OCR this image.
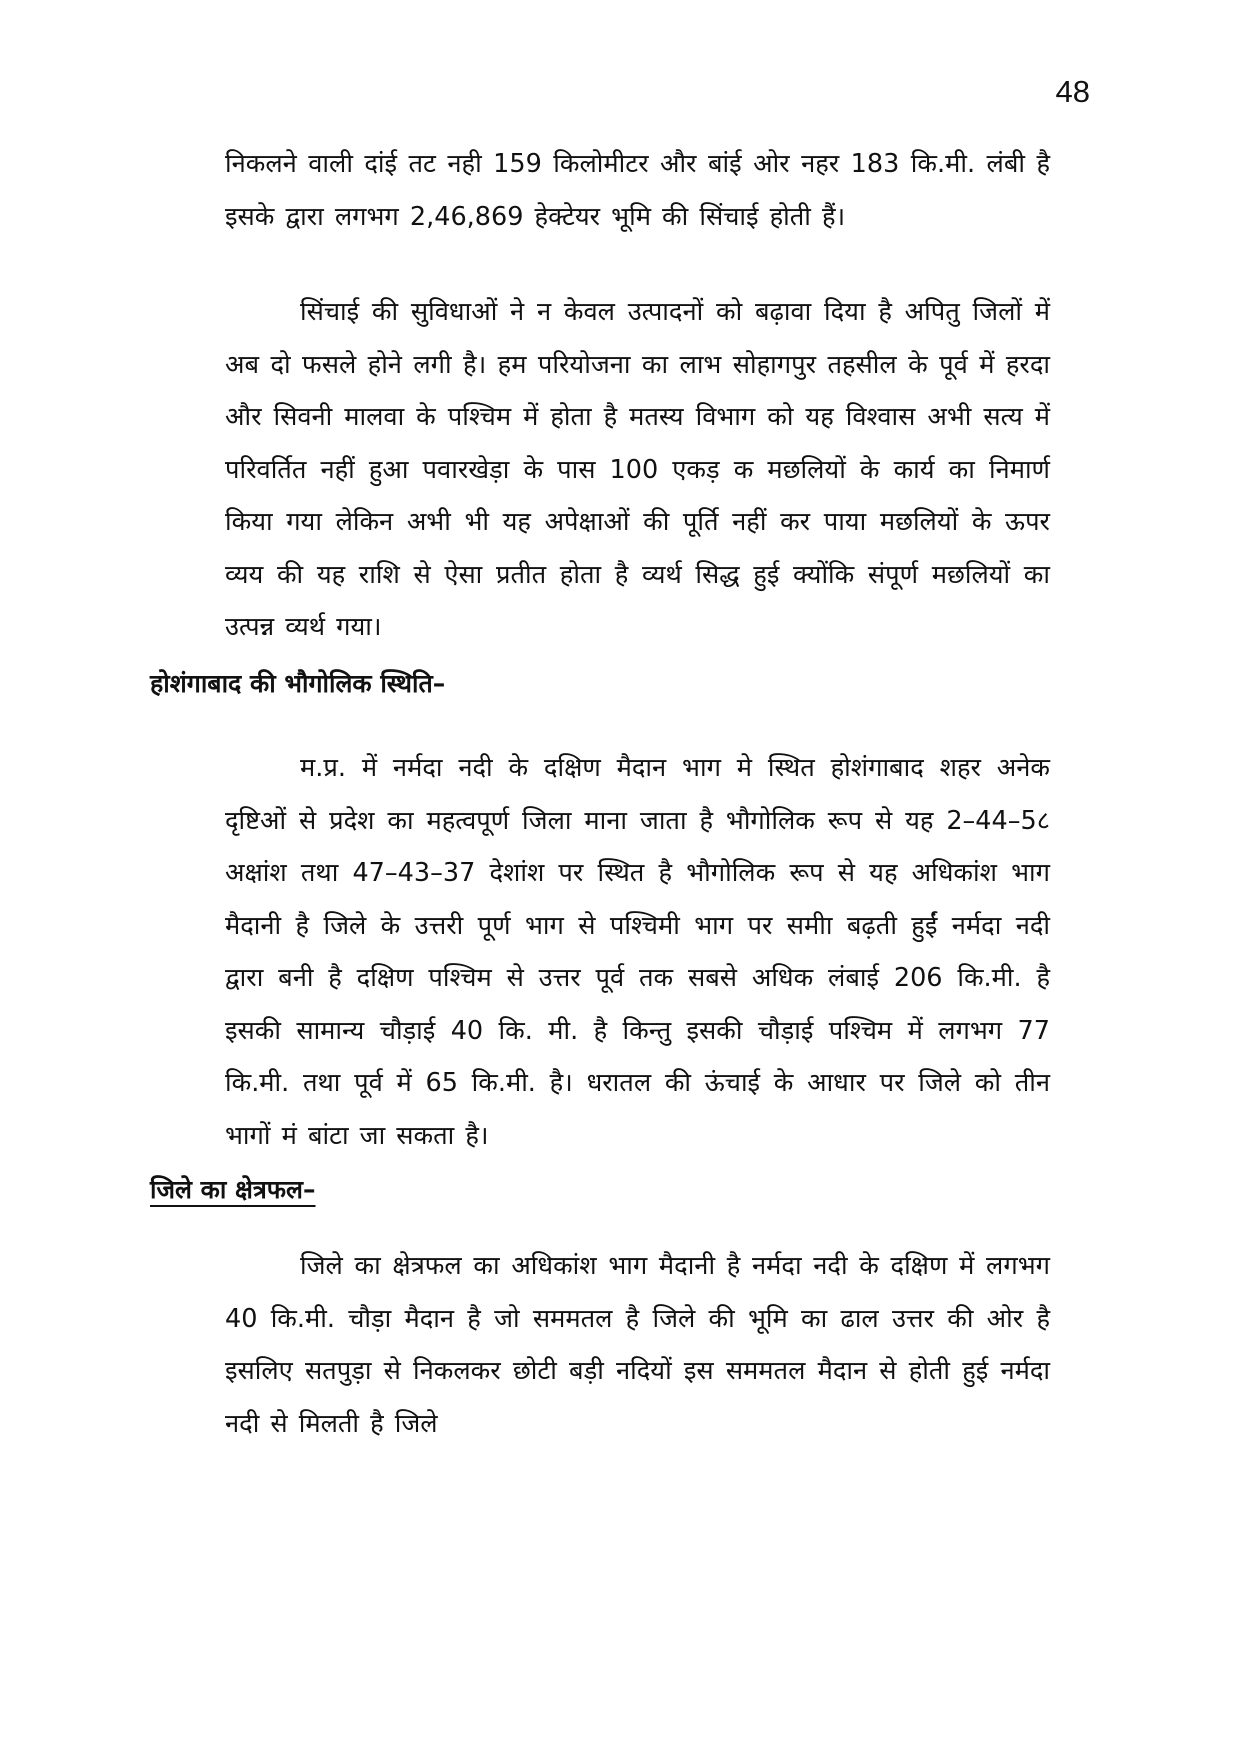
48

निकलने वाली दांई तट नही 159 किलोमीटर और बांई ओर नहर 183 कि.मी. लंबी है इसके द्वारा लगभग 2,46,869 हेक्टेयर भूमि की सिंचाई होती हैं।

सिंचाई की सुविधाओं ने न केवल उत्पादनों को बढ़ावा दिया है अपितु जिलों में अब दो फसले होने लगी है। हम परियोजना का लाभ सोहागपुर तहसील के पूर्व में हरदा और सिवनी मालवा के पश्चिम में होता है मतस्य विभाग को यह विश्वास अभी सत्य में परिवर्तित नहीं हुआ पवारखेड़ा के पास 100 एकड़ क मछलियों के कार्य का निमार्ण किया गया लेकिन अभी भी यह अपेक्षाओं की पूर्ति नहीं कर पाया मछलियों के ऊपर व्यय की यह राशि से ऐसा प्रतीत होता है व्यर्थ सिद्ध हुई क्योंकि संपूर्ण मछलियों का उत्पन्न व्यर्थ गया।

होशंगाबाद की भौगोलिक स्थिति–

म.प्र. में नर्मदा नदी के दक्षिण मैदान भाग मे स्थित होशंगाबाद शहर अनेक दृष्टिओं से प्रदेश का महत्वपूर्ण जिला माना जाता है भौगोलिक रूप से यह 2–44–5८ अक्षांश तथा 47–43–37 देशांश पर स्थित है भौगोलिक रूप से यह अधिकांश भाग मैदानी है जिले के उत्तरी पूर्ण भाग से पश्चिमी भाग पर समीा बढ़ती हुईं नर्मदा नदी द्वारा बनी है दक्षिण पश्चिम से उत्तर पूर्व तक सबसे अधिक लंबाई 206 कि.मी. है इसकी सामान्य चौड़ाई 40 कि. मी. है किन्तु इसकी चौड़ाई पश्चिम में लगभग 77 कि.मी. तथा पूर्व में 65 कि.मी. है। धरातल की ऊंचाई के आधार पर जिले को तीन भागों मं बांटा जा सकता है।

जिले का क्षेत्रफल–

जिले का क्षेत्रफल का अधिकांश भाग मैदानी है नर्मदा नदी के दक्षिण में लगभग 40 कि.मी. चौड़ा मैदान है जो सममतल है जिले की भूमि का ढाल उत्तर की ओर है इसलिए सतपुड़ा से निकलकर छोटी बड़ी नदियों इस सममतल मैदान से होती हुई नर्मदा नदी से मिलती है जिले
